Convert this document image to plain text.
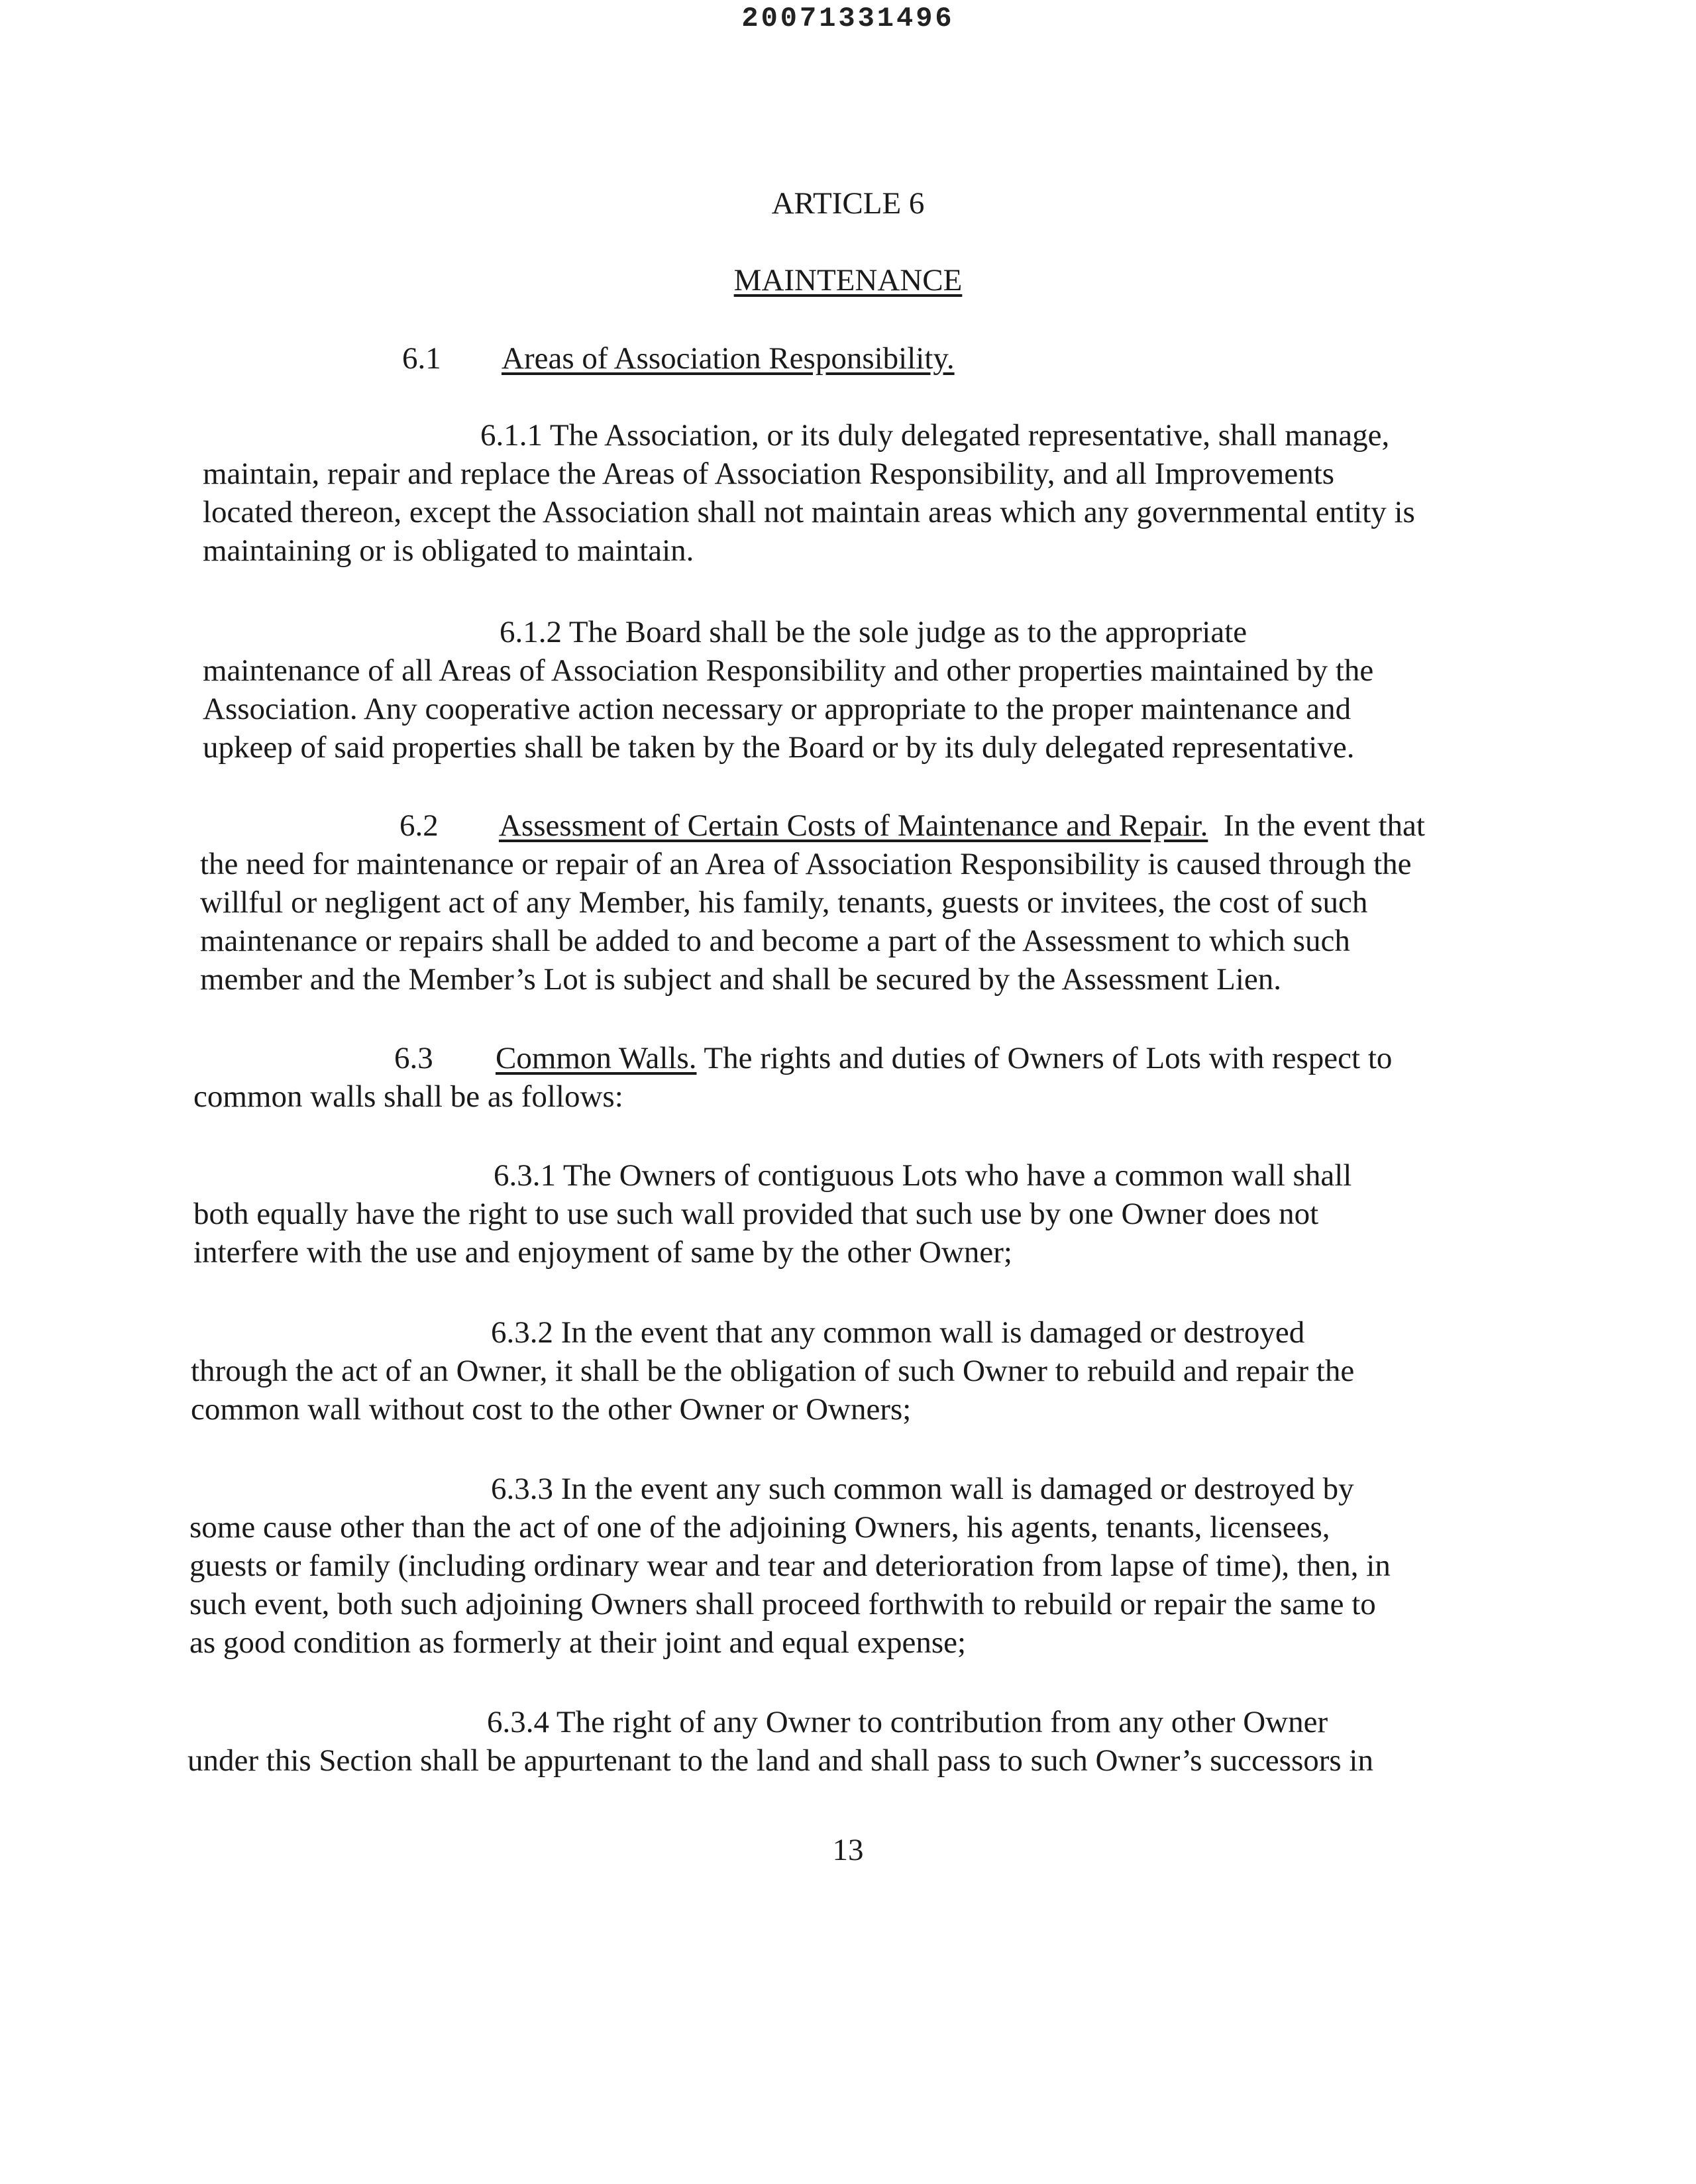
20071331496
ARTICLE 6
MAINTENANCE
6.1 Areas of Association Responsibility.
6.1.1 The Association, or its duly delegated representative, shall manage,
maintain, repair and replace the Areas of Association Responsibility, and all Improvements
located thereon, except the Association shall not maintain areas which any governmental entity is
maintaining or is obligated to maintain.
6.1.2 The Board shall be the sole judge as to the appropriate
maintenance of all Areas of Association Responsibility and other properties maintained by the
Association. Any cooperative action necessary or appropriate to the proper maintenance and
upkeep of said properties shall be taken by the Board or by its duly delegated representative.
6.2 Assessment of Certain Costs of Maintenance and Repair. In the event that
the need for maintenance or repair of an Area of Association Responsibility is caused through the
willful or negligent act of any Member, his family, tenants, guests or invitees, the cost of such
maintenance or repairs shall be added to and become a part of the Assessment to which such
member and the Member’s Lot is subject and shall be secured by the Assessment Lien.
6.3 Common Walls. The rights and duties of Owners of Lots with respect to
common walls shall be as follows:
6.3.1 The Owners of contiguous Lots who have a common wall shall
both equally have the right to use such wall provided that such use by one Owner does not
interfere with the use and enjoyment of same by the other Owner;
6.3.2 In the event that any common wall is damaged or destroyed
through the act of an Owner, it shall be the obligation of such Owner to rebuild and repair the
common wall without cost to the other Owner or Owners;
6.3.3 In the event any such common wall is damaged or destroyed by
some cause other than the act of one of the adjoining Owners, his agents, tenants, licensees,
guests or family (including ordinary wear and tear and deterioration from lapse of time), then, in
such event, both such adjoining Owners shall proceed forthwith to rebuild or repair the same to
as good condition as formerly at their joint and equal expense;
6.3.4 The right of any Owner to contribution from any other Owner
under this Section shall be appurtenant to the land and shall pass to such Owner’s successors in
13
